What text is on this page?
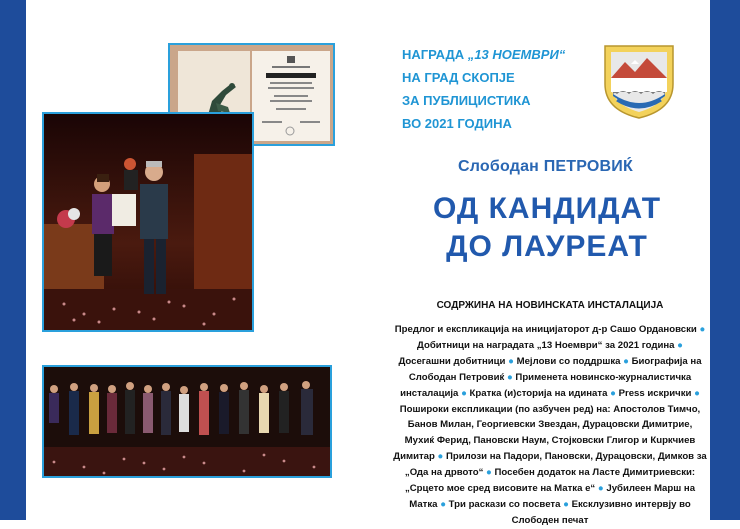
НАГРАДА „13 НОЕМВРИ“
НА ГРАД СКОПЈЕ
ЗА ПУБЛИЦИСТИКА
ВО 2021 ГОДИНА
Слободан ПЕТРОВИЌ
ОД КАНДИДАТ
ДО ЛАУРЕАТ
СОДРЖИНА НА НОВИНСКАТА ИНСТАЛАЦИЈА
Предлог и експликација на иницијаторот д-р Сашо Ордановски ● Добитници на наградата „13 Ноември“ за 2021 година ● Досегашни добитници ● Мејлови со поддршка ● Биографија на Слободан Петровиќ ● Применета новинско-журналистичка инсталација ● Кратка (и)сторија на идината ● Press искрички ● Пошироки експликации (по азбучен ред) на: Апостолов Тимчо, Банов Милан, Георгиевски Звездан, Дурацовски Димитрие, Мухиќ Ферид, Пановски Наум, Стојковски Глигор и Кuркчиев Димитар ● Прилози на Падори, Пановски, Дурацовски, Димков за „Ода на дрвото“ ● Посебен додаток на Ласте Димитриевски: „Срцето мое сред висовите на Матка е“ ● Јубилеен Марш на Матка ● Три раскази со посвета ● Ексклузивно интервју во Слободен печат
